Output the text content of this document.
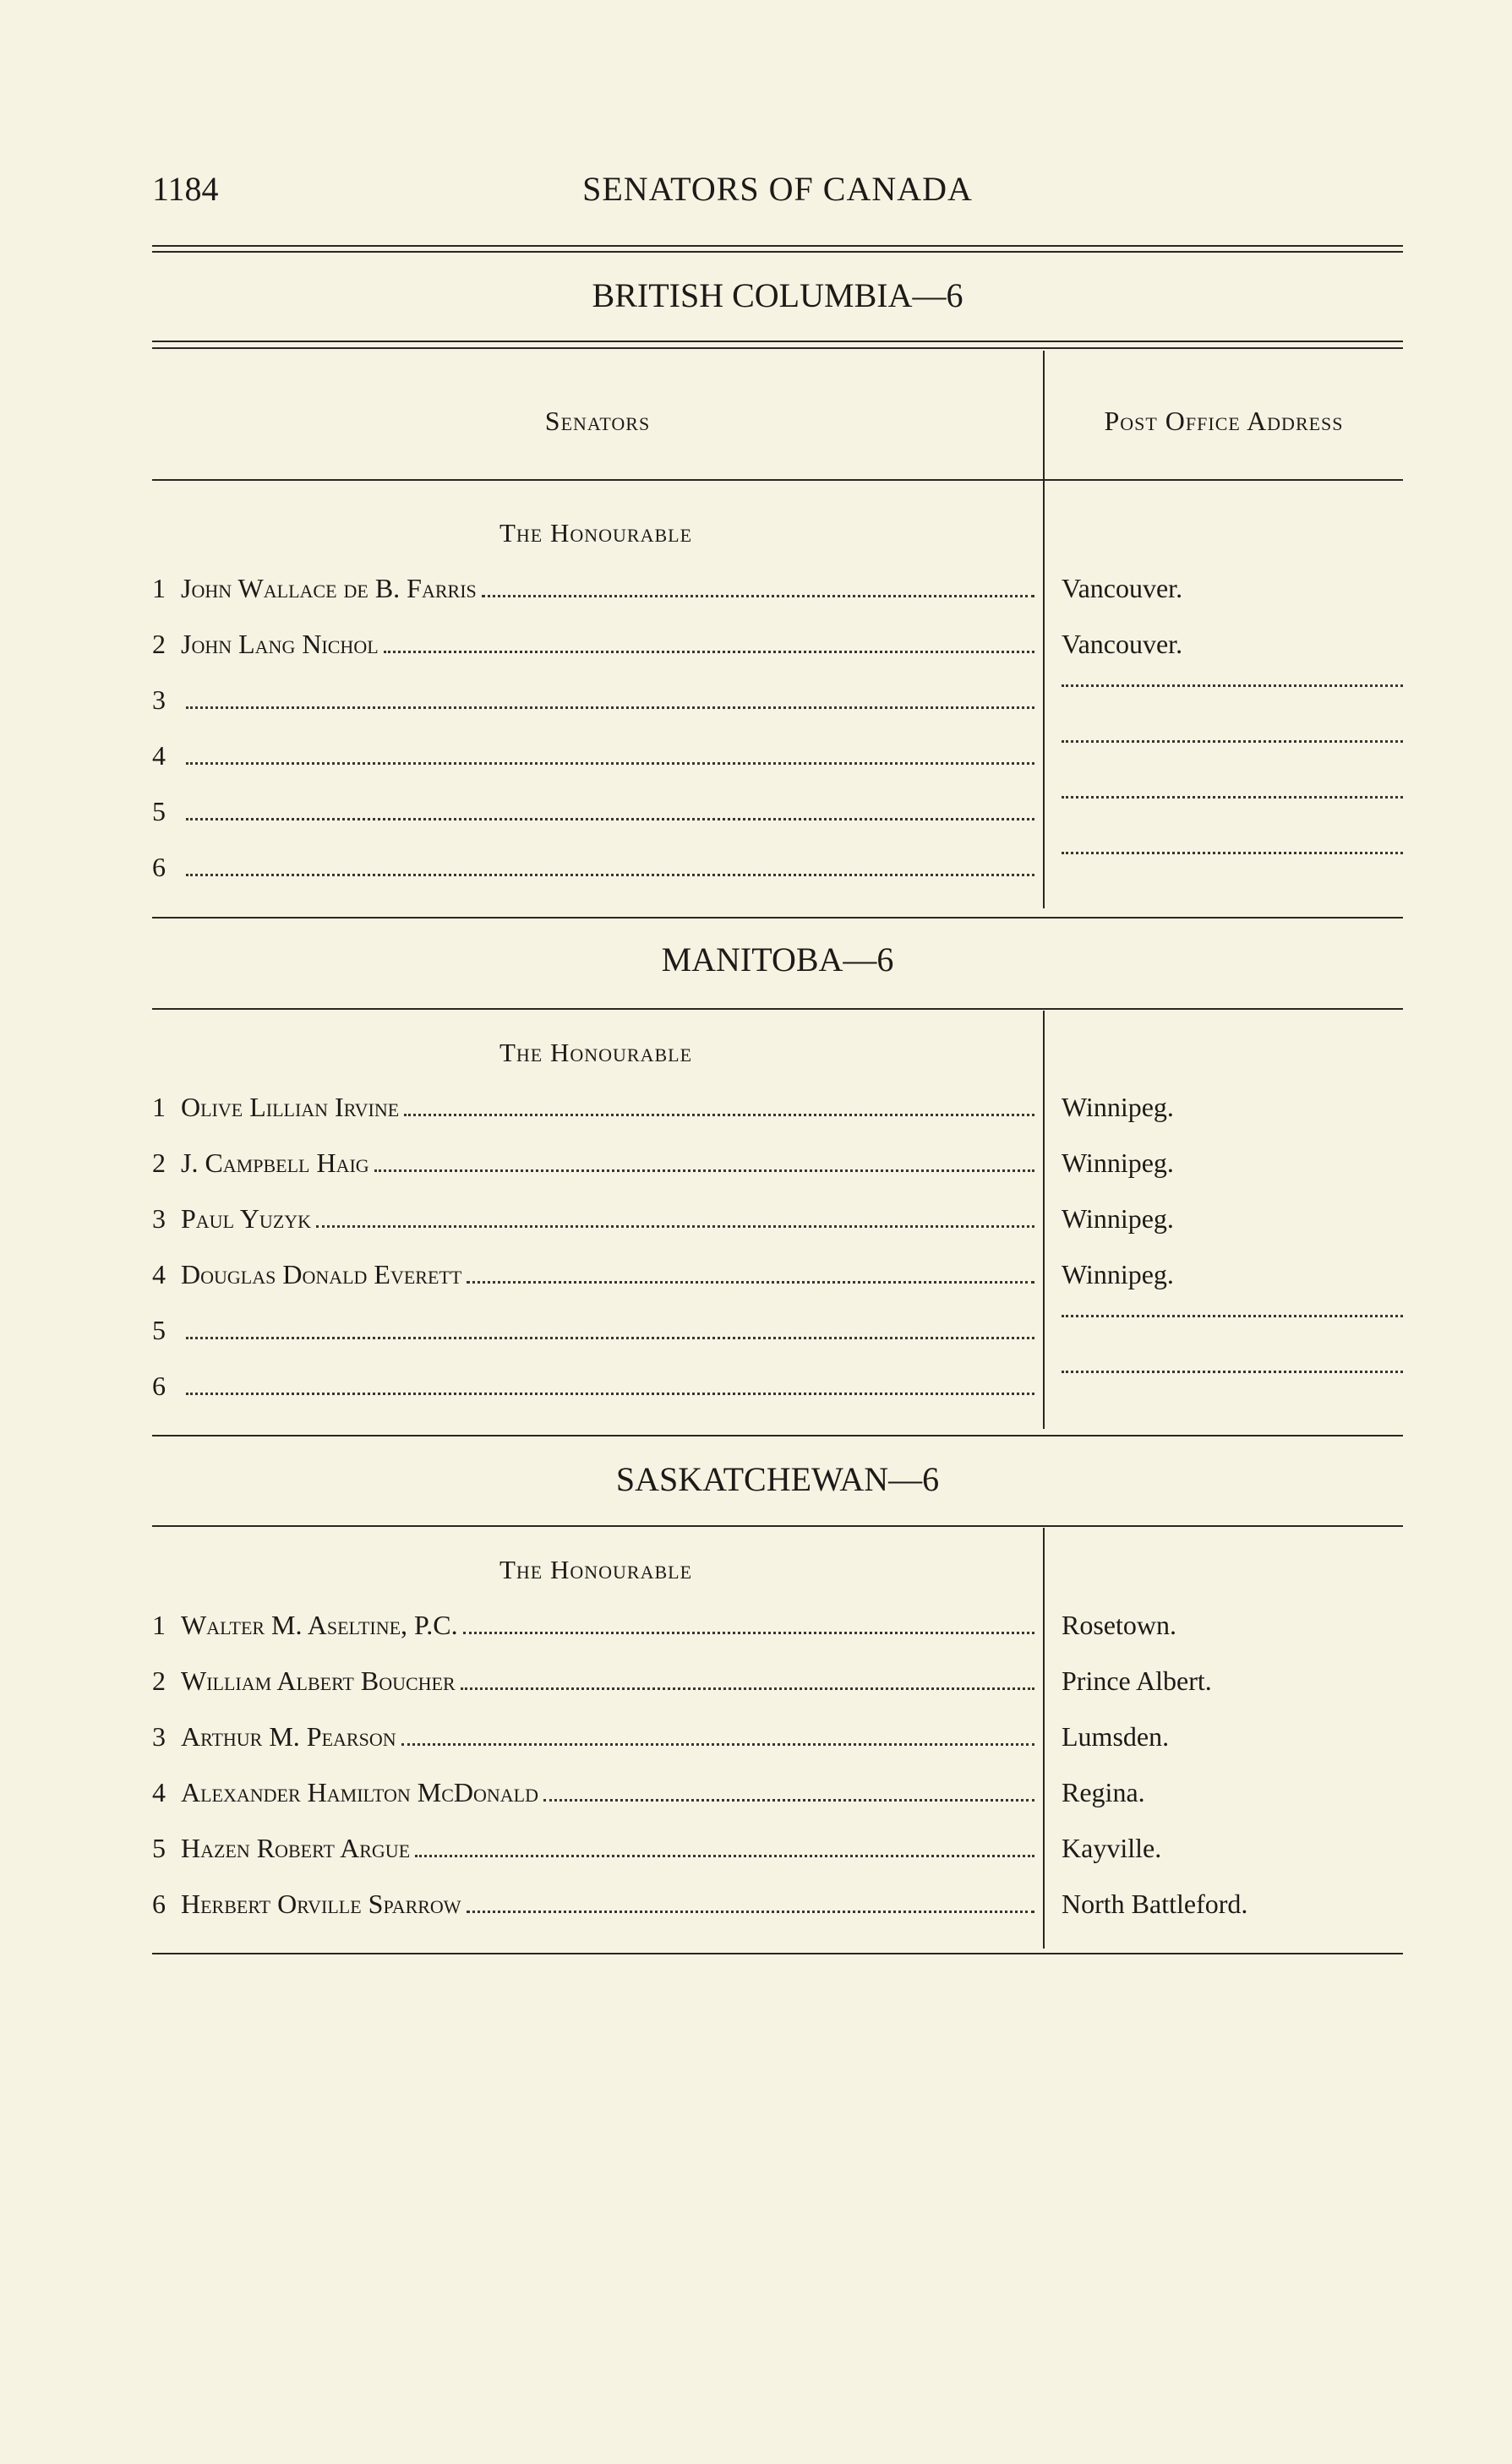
1184	SENATORS OF CANADA
BRITISH COLUMBIA—6
Senators	Post Office Address
The Honourable
1 John Wallace de B. Farris	Vancouver.
2 John Lang Nichol	Vancouver.
3
4
5
6
MANITOBA—6
The Honourable
1 Olive Lillian Irvine	Winnipeg.
2 J. Campbell Haig	Winnipeg.
3 Paul Yuzyk	Winnipeg.
4 Douglas Donald Everett	Winnipeg.
5
6
SASKATCHEWAN—6
The Honourable
1 Walter M. Aseltine, P.C.	Rosetown.
2 William Albert Boucher	Prince Albert.
3 Arthur M. Pearson	Lumsden.
4 Alexander Hamilton McDonald	Regina.
5 Hazen Robert Argue	Kayville.
6 Herbert Orville Sparrow	North Battleford.
